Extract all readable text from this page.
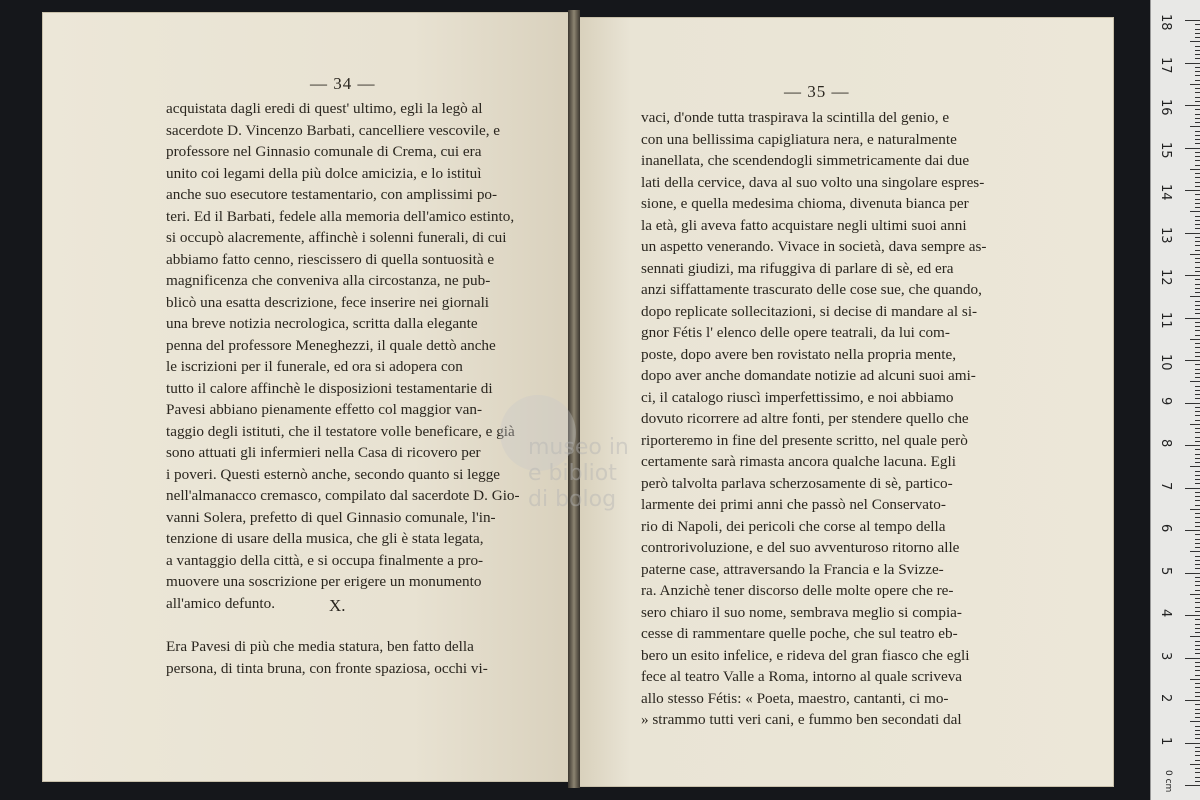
— 34 —
acquistata dagli eredi di quest' ultimo, egli la legò al
sacerdote D. Vincenzo Barbati, cancelliere vescovile, e
professore nel Ginnasio comunale di Crema, cui era
unito coi legami della più dolce amicizia, e lo istituì
anche suo esecutore testamentario, con amplissimi po-
teri. Ed il Barbati, fedele alla memoria dell'amico estinto,
si occupò alacremente, affinchè i solenni funerali, di cui
abbiamo fatto cenno, riescissero di quella sontuosità e
magnificenza che conveniva alla circostanza, ne pub-
blicò una esatta descrizione, fece inserire nei giornali
una breve notizia necrologica, scritta dalla elegante
penna del professore Meneghezzi, il quale dettò anche
le iscrizioni per il funerale, ed ora si adopera con
tutto il calore affinchè le disposizioni testamentarie di
Pavesi abbiano pienamente effetto col maggior van-
taggio degli istituti, che il testatore volle beneficare, e già
sono attuati gli infermieri nella Casa di ricovero per
i poveri. Questi esternò anche, secondo quanto si legge
nell'almanacco cremasco, compilato dal sacerdote D. Gio-
vanni Solera, prefetto di quel Ginnasio comunale, l'in-
tenzione di usare della musica, che gli è stata legata,
a vantaggio della città, e si occupa finalmente a pro-
muovere una soscrizione per erigere un monumento
all'amico defunto.	X.
Era Pavesi di più che media statura, ben fatto della
persona, di tinta bruna, con fronte spaziosa, occhi vi-
— 35 —
vaci, d'onde tutta traspirava la scintilla del genio, e
con una bellissima capigliatura nera, e naturalmente
inanellata, che scendendogli simmetricamente dai due
lati della cervice, dava al suo volto una singolare espres-
sione, e quella medesima chioma, divenuta bianca per
la età, gli aveva fatto acquistare negli ultimi suoi anni
un aspetto venerando. Vivace in società, dava sempre as-
sennati giudizi, ma rifuggiva di parlare di sè, ed era
anzi siffattamente trascurato delle cose sue, che quando,
dopo replicate sollecitazioni, si decise di mandare al si-
gnor Fétis l' elenco delle opere teatrali, da lui com-
poste, dopo avere ben rovistato nella propria mente,
dopo aver anche domandate notizie ad alcuni suoi ami-
ci, il catalogo riuscì imperfettissimo, e noi abbiamo
dovuto ricorrere ad altre fonti, per stendere quello che
riporteremo in fine del presente scritto, nel quale però
certamente sarà rimasta ancora qualche lacuna. Egli
però talvolta parlava scherzosamente di sè, partico-
larmente dei primi anni che passò nel Conservato-
rio di Napoli, dei pericoli che corse al tempo della
controrivoluzione, e del suo avventuroso ritorno alle
paterne case, attraversando la Francia e la Svizze-
ra. Anzichè tener discorso delle molte opere che re-
sero chiaro il suo nome, sembrava meglio si compia-
cesse di rammentare quelle poche, che sul teatro eb-
bero un esito infelice, e rideva del gran fiasco che egli
fece al teatro Valle a Roma, intorno al quale scriveva
allo stesso Fétis: « Poeta, maestro, cantanti, ci mo-
» strammo tutti veri cani, e fummo ben secondati dal
museo in
e bibliot
di bolog
0 cm
18
17
16
15
14
13
12
11
10
9
8
7
6
5
4
3
2
1
